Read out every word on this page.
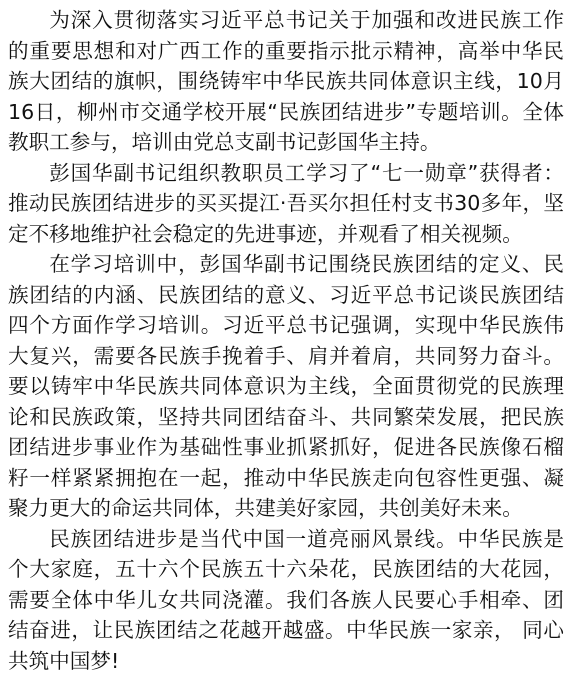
为深入贯彻落实习近平总书记关于加强和改进民族工作的重要思想和对广西工作的重要指示批示精神，高举中华民族大团结的旗帜，围绕铸牢中华民族共同体意识主线，10月16日，柳州市交通学校开展“民族团结进步”专题培训。全体教职工参与，培训由党总支副书记彭国华主持。

彭国华副书记组织教职员工学习了“七一勋章”获得者：推动民族团结进步的买买提江·吾买尔担任村支书30多年，坚定不移地维护社会稳定的先进事迹，并观看了相关视频。

在学习培训中，彭国华副书记围绕民族团结的定义、民族团结的内涵、民族团结的意义、习近平总书记谈民族团结四个方面作学习培训。习近平总书记强调，实现中华民族伟大复兴，需要各民族手挽着手、肩并着肩，共同努力奋斗。要以铸牢中华民族共同体意识为主线，全面贯彻党的民族理论和民族政策，坚持共同团结奋斗、共同繁荣发展，把民族团结进步事业作为基础性事业抓紧抓好，促进各民族像石榴籽一样紧紧拥抱在一起，推动中华民族走向包容性更强、凝聚力更大的命运共同体，共建美好家园，共创美好未来。

民族团结进步是当代中国一道亮丽风景线。中华民族是个大家庭，五十六个民族五十六朵花，民族团结的大花园，需要全体中华儿女共同浇灌。我们各族人民要心手相牵、团结奋进，让民族团结之花越开越盛。中华民族一家亲， 同心共筑中国梦!
